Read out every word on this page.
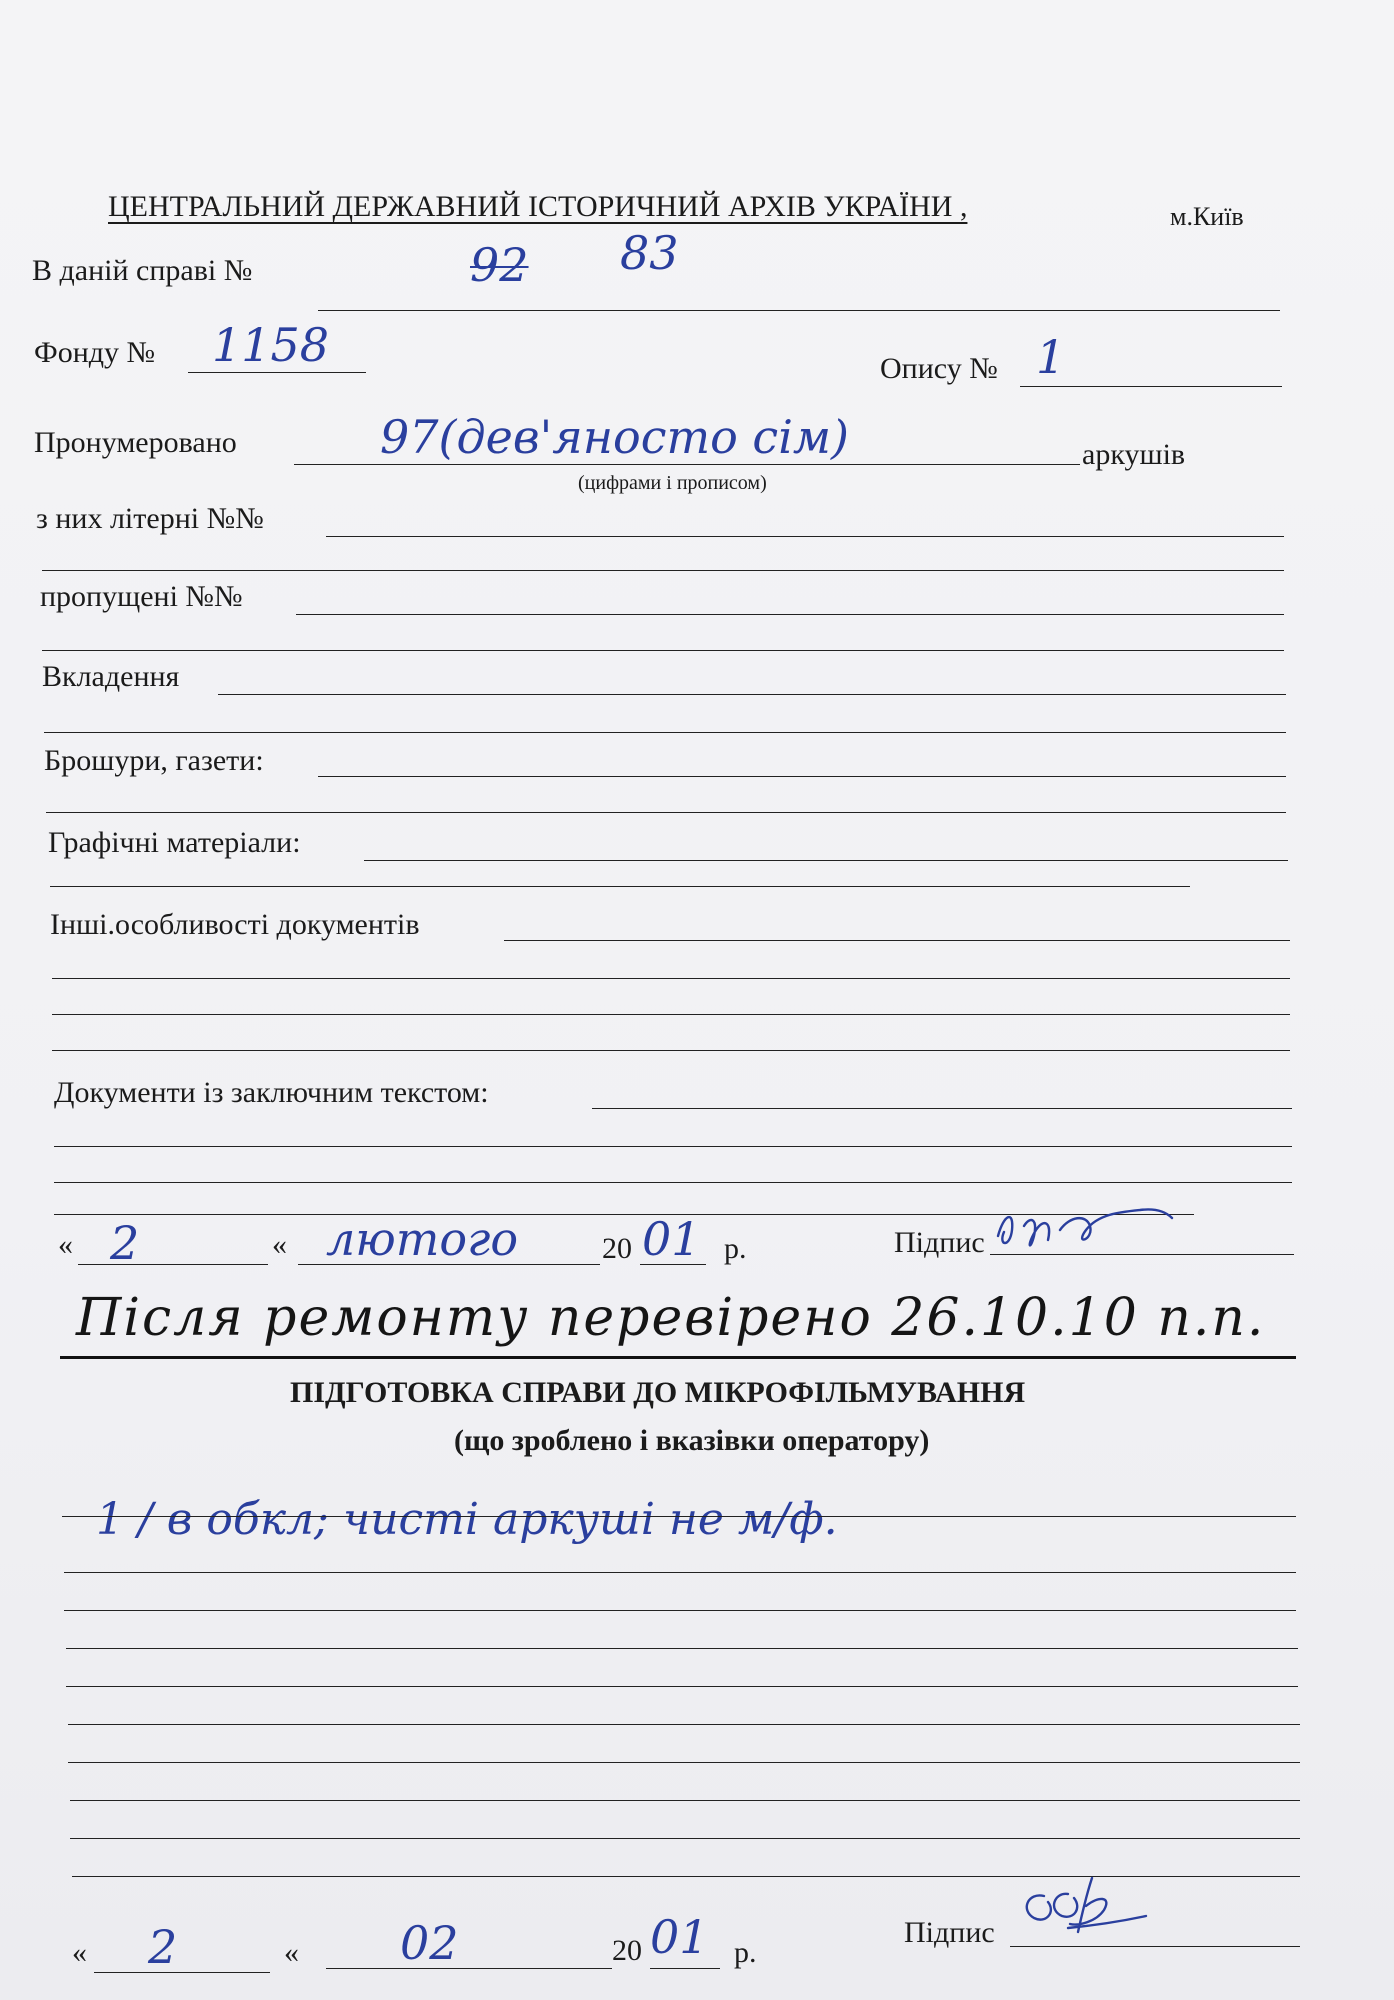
ЦЕНТРАЛЬНИЙ ДЕРЖАВНИЙ ІСТОРИЧНИЙ АРХІВ УКРАЇНИ ,	м.Київ
В даній справі №	92 83
Фонду № 1158	Опису № 1
Пронумеровано	97(дев'яносто сім)	аркушів
(цифрами і прописом)
з них літерні №№
пропущені №№
Вкладення
Брошури, газети:
Графічні матеріали:
Інші.особливості документів
Документи із заключним текстом:
« 2	« лютого	20 01 р.	Підпис
Після ремонту перевірено 26.10.10 п.п.
ПІДГОТОВКА СПРАВИ ДО МІКРОФІЛЬМУВАННЯ
(що зроблено і вказівки оператору)
1 / в обкл; чисті аркуші не м/ф.
« 2	« 02	20 01 р.
Підпис
